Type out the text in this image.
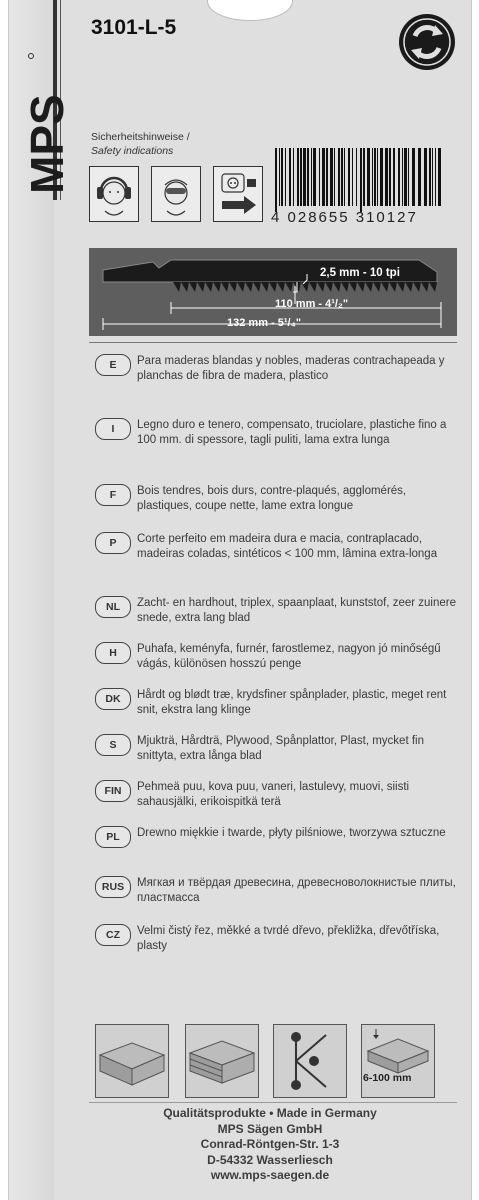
MPS
3101-L-5
Sicherheitshinweise /
Safety indications
4 028655 310127
2,5 mm - 10 tpi
110 mm - 4¹/₂"
132 mm - 5¹/₄"
E	Para maderas blandas y nobles, maderas contrachapeada y planchas de fibra de madera, plastico
I	Legno duro e tenero, compensato, truciolare, plastiche fino a 100 mm. di spessore, tagli puliti, lama extra lunga
F	Bois tendres, bois durs, contre-plaqués, agglomérés, plastiques, coupe nette, lame extra longue
P	Corte perfeito em madeira dura e macia, contraplacado, madeiras coladas, sintéticos < 100 mm, lâmina extra-longa
NL	Zacht- en hardhout, triplex, spaanplaat, kunststof, zeer zuinere snede, extra lang blad
H	Puhafa, keményfa, furnér, farostlemez, nagyon jó minőségű vágás, különösen hosszú penge
DK	Hårdt og blødt træ, krydsfiner spånplader, plastic, meget rent snit, ekstra lang klinge
S	Mjukträ, Hårdträ, Plywood, Spånplattor, Plast, mycket fin snittyta, extra långa blad
FIN	Pehmeä puu, kova puu, vaneri, lastulevy, muovi, siisti sahausjälki, erikoispitkä terä
PL	Drewno miękkie i twarde, płyty pilśniowe, tworzywa sztuczne
RUS	Мягкая и твёрдая древесина, древесноволокнистые плиты, пластмасса
CZ	Velmi čistý řez, měkké a tvrdé dřevo, překližka, dřevőtříska, plasty
6-100 mm
Qualitätsprodukte • Made in Germany
MPS Sägen GmbH
Conrad-Röntgen-Str. 1-3
D-54332 Wasserliesch
www.mps-saegen.de
